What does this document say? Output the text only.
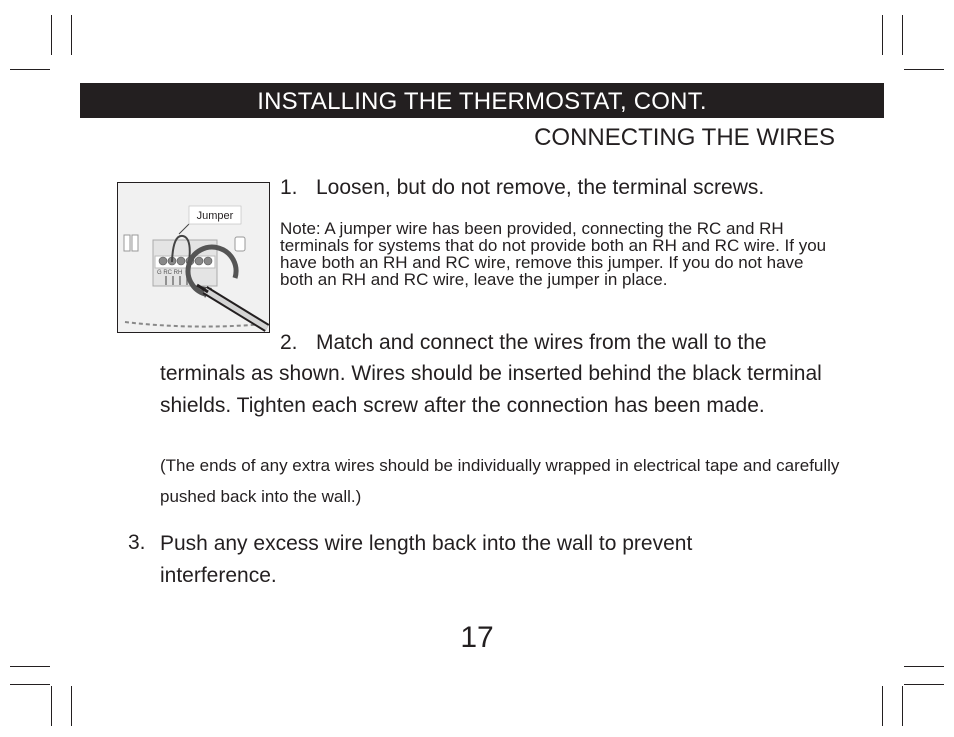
INSTALLING THE THERMOSTAT, CONT.
CONNECTING THE WIRES
Jumper
G RC RH
1. Loosen, but do not remove, the terminal screws.
Note: A jumper wire has been provided, connecting the RC and RH terminals for systems that do not provide both an RH and RC wire. If you have both an RH and RC wire, remove this jumper. If you do not have both an RH and RC wire, leave the jumper in place.
2. Match and connect the wires from the wall to the
terminals as shown. Wires should be inserted behind the black terminal shields. Tighten each screw after the connection has been made.
(The ends of any extra wires should be individually wrapped in electrical tape and carefully pushed back into the wall.)
3. Push any excess wire length back into the wall to prevent interference.
17
